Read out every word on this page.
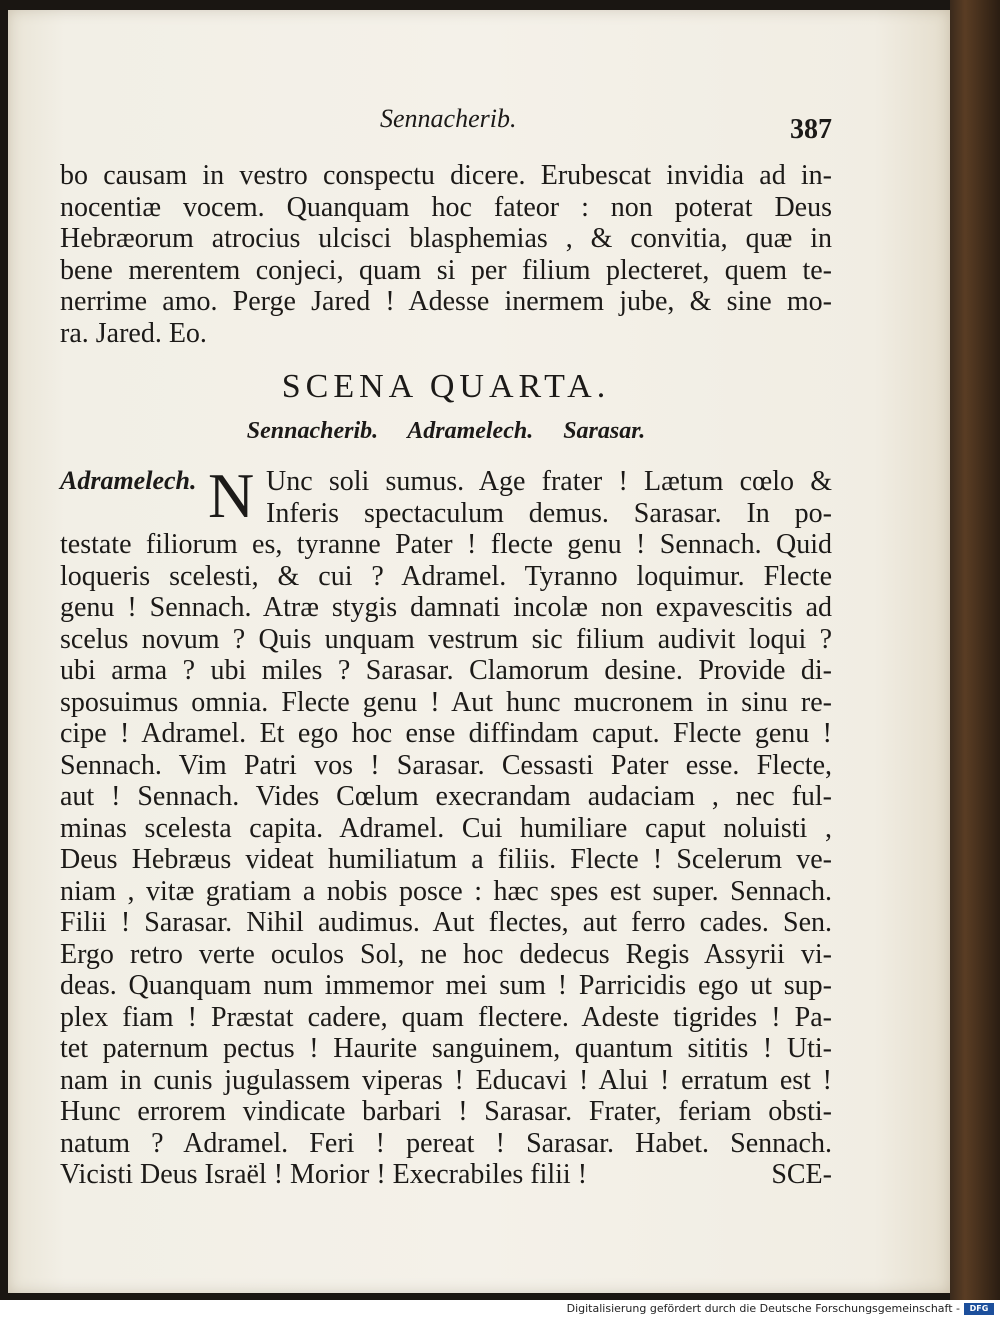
Sennacherib.	387
bo causam in vestro conspectu dicere. Erubescat invidia ad in-
nocentiæ vocem. Quanquam hoc fateor : non poterat Deus
Hebræorum atrocius ulcisci blasphemias , & convitia, quæ in
bene merentem conjeci, quam si per filium plecteret, quem te-
nerrime amo. Perge Jared ! Adesse inermem jube, & sine mo-
ra. Jared. Eo.
SCENA QUARTA.
Sennacherib. Adramelech. Sarasar.
Adramelech. N Unc soli sumus. Age frater ! Lætum cœlo &
Inferis spectaculum demus. Sarasar. In po-
testate filiorum es, tyranne Pater ! flecte genu ! Sennach. Quid
loqueris scelesti, & cui ? Adramel. Tyranno loquimur. Flecte
genu ! Sennach. Atræ stygis damnati incolæ non expavescitis ad
scelus novum ? Quis unquam vestrum sic filium audivit loqui ?
ubi arma ? ubi miles ? Sarasar. Clamorum desine. Provide di-
sposuimus omnia. Flecte genu ! Aut hunc mucronem in sinu re-
cipe ! Adramel. Et ego hoc ense diffindam caput. Flecte genu !
Sennach. Vim Patri vos ! Sarasar. Cessasti Pater esse. Flecte,
aut ! Sennach. Vides Cœlum execrandam audaciam , nec ful-
minas scelesta capita. Adramel. Cui humiliare caput noluisti ,
Deus Hebræus videat humiliatum a filiis. Flecte ! Scelerum ve-
niam , vitæ gratiam a nobis posce : hæc spes est super. Sennach.
Filii ! Sarasar. Nihil audimus. Aut flectes, aut ferro cades. Sen.
Ergo retro verte oculos Sol, ne hoc dedecus Regis Assyrii vi-
deas. Quanquam num immemor mei sum ! Parricidis ego ut sup-
plex fiam ! Præstat cadere, quam flectere. Adeste tigrides ! Pa-
tet paternum pectus ! Haurite sanguinem, quantum sititis ! Uti-
nam in cunis jugulassem viperas ! Educavi ! Alui ! erratum est !
Hunc errorem vindicate barbari ! Sarasar. Frater, feriam obsti-
natum ? Adramel. Feri ! pereat ! Sarasar. Habet. Sennach.
Vicisti Deus Israël ! Morior ! Execrabiles filii !	SCE-
Digitalisierung gefördert durch die Deutsche Forschungsgemeinschaft -	DFG
